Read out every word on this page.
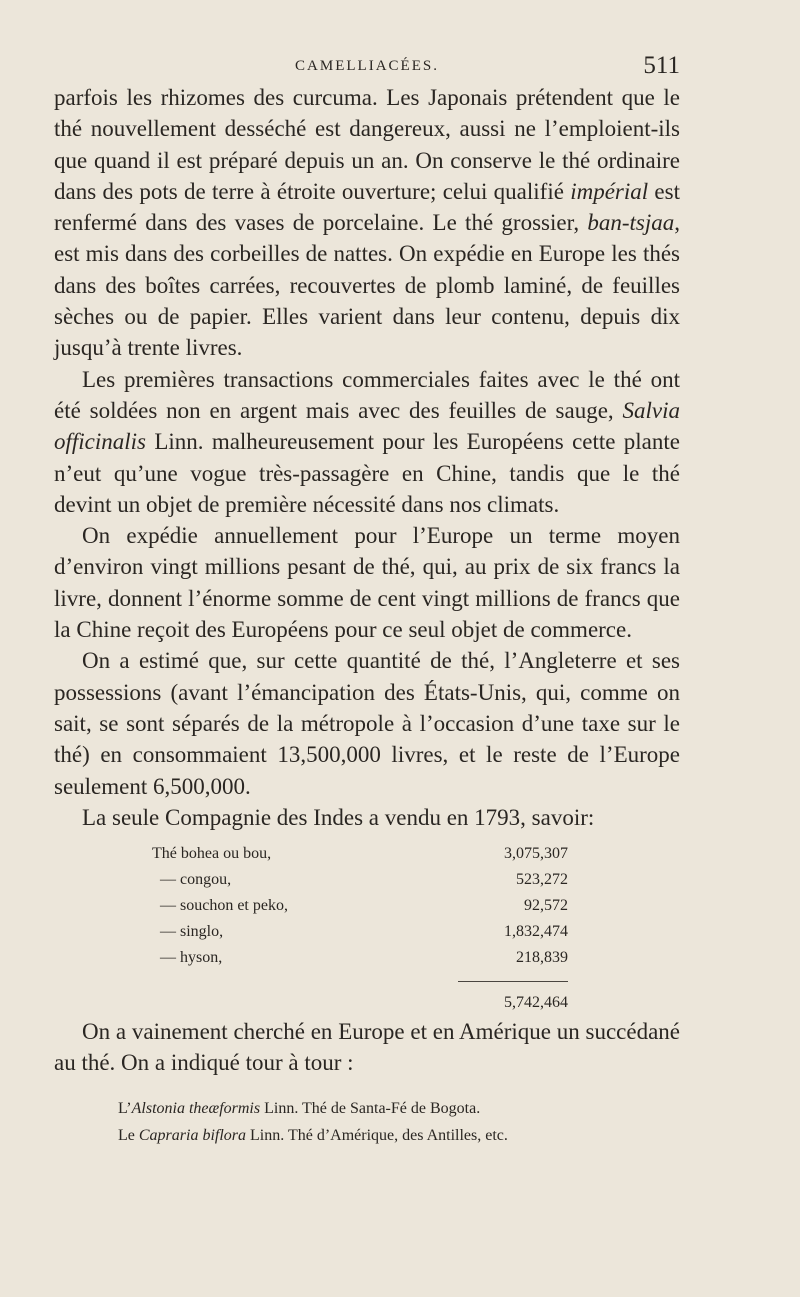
CAMELLIACÉES.	511

parfois les rhizomes des curcuma. Les Japonais prétendent que le thé nouvellement desséché est dangereux, aussi ne l’emploient-ils que quand il est préparé depuis un an. On conserve le thé ordinaire dans des pots de terre à étroite ouverture; celui qualifié impérial est renfermé dans des vases de porcelaine. Le thé grossier, ban-tsjaa, est mis dans des corbeilles de nattes. On expédie en Europe les thés dans des boîtes carrées, recouvertes de plomb laminé, de feuilles sèches ou de papier. Elles varient dans leur contenu, depuis dix jusqu’à trente livres.

Les premières transactions commerciales faites avec le thé ont été soldées non en argent mais avec des feuilles de sauge, Salvia officinalis Linn. malheureusement pour les Européens cette plante n’eut qu’une vogue très-passagère en Chine, tandis que le thé devint un objet de première nécessité dans nos climats.

On expédie annuellement pour l’Europe un terme moyen d’environ vingt millions pesant de thé, qui, au prix de six francs la livre, donnent l’énorme somme de cent vingt millions de francs que la Chine reçoit des Européens pour ce seul objet de commerce.

On a estimé que, sur cette quantité de thé, l’Angleterre et ses possessions (avant l’émancipation des États-Unis, qui, comme on sait, se sont séparés de la métropole à l’occasion d’une taxe sur le thé) en consommaient 13,500,000 livres, et le reste de l’Europe seulement 6,500,000.

La seule Compagnie des Indes a vendu en 1793, savoir:

Thé bohea ou bou,	3,075,307
— congou,	523,272
— souchon et peko,	92,572
— singlo,	1,832,474
— hyson,	218,839
5,742,464

On a vainement cherché en Europe et en Amérique un succédané au thé. On a indiqué tour à tour :

L’Alstonia theæformis Linn. Thé de Santa-Fé de Bogota.
Le Capraria biflora Linn. Thé d’Amérique, des Antilles, etc.
